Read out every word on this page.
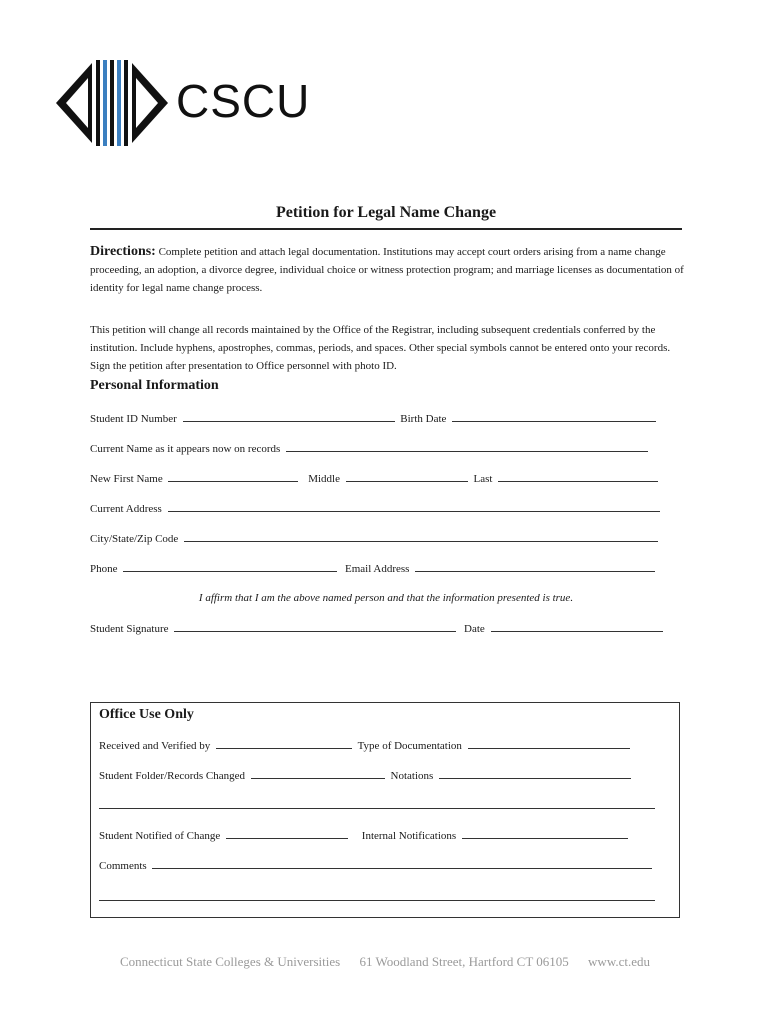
CSCU
Petition for Legal Name Change
Directions: Complete petition and attach legal documentation. Institutions may accept court orders arising from a name change proceeding, an adoption, a divorce degree, individual choice or witness protection program; and marriage licenses as documentation of identity for legal name change process.
This petition will change all records maintained by the Office of the Registrar, including subsequent credentials conferred by the institution. Include hyphens, apostrophes, commas, periods, and spaces. Other special symbols cannot be entered onto your records. Sign the petition after presentation to Office personnel with photo ID.
Personal Information
Student ID Number	Birth Date
Current Name as it appears now on records
New First Name	Middle	Last
Current Address
City/State/Zip Code
Phone	Email Address
I affirm that I am the above named person and that the information presented is true.
Student Signature	Date
Office Use Only
Received and Verified by	Type of Documentation
Student Folder/Records Changed	Notations
Student Notified of Change	Internal Notifications
Comments
Connecticut State Colleges & Universities 61 Woodland Street, Hartford CT 06105 www.ct.edu
